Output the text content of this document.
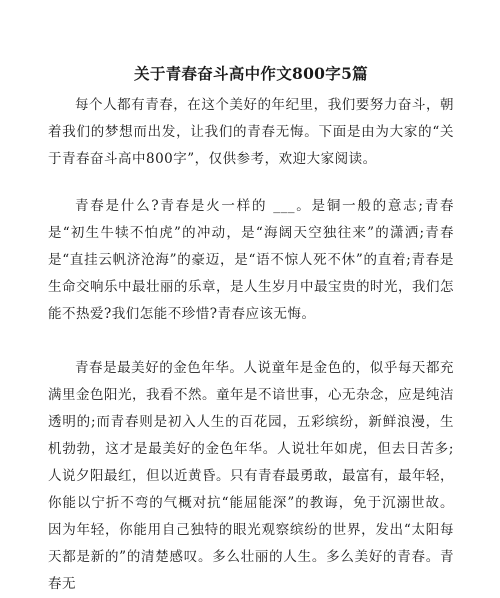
关于青春奋斗高中作文800字5篇

每个人都有青春，在这个美好的年纪里，我们要努力奋斗，朝着我们的梦想而出发，让我们的青春无悔。下面是由为大家的“关于青春奋斗高中800字”，仅供参考，欢迎大家阅读。

青春是什么?青春是火一样的 ___。是铜一般的意志;青春是“初生牛犊不怕虎”的冲动，是“海阔天空独往来”的潇洒;青春是“直挂云帆济沧海”的豪迈，是“语不惊人死不休”的直着;青春是生命交响乐中最壮丽的乐章，是人生岁月中最宝贵的时光，我们怎能不热爱?我们怎能不珍惜?青春应该无悔。

青春是最美好的金色年华。人说童年是金色的，似乎每天都充满里金色阳光，我看不然。童年是不谙世事，心无杂念，应是纯洁透明的;而青春则是初入人生的百花园，五彩缤纷，新鲜浪漫，生机勃勃，这才是最美好的金色年华。人说壮年如虎，但去日苦多;人说夕阳最红，但以近黄昏。只有青春最勇敢，最富有，最年轻，你能以宁折不弯的气概对抗“能屈能深”的教诲，免于沉溺世故。因为年轻，你能用自己独特的眼光观察缤纷的世界，发出“太阳每天都是新的”的清楚感叹。多么壮丽的人生。多么美好的青春。青春无
